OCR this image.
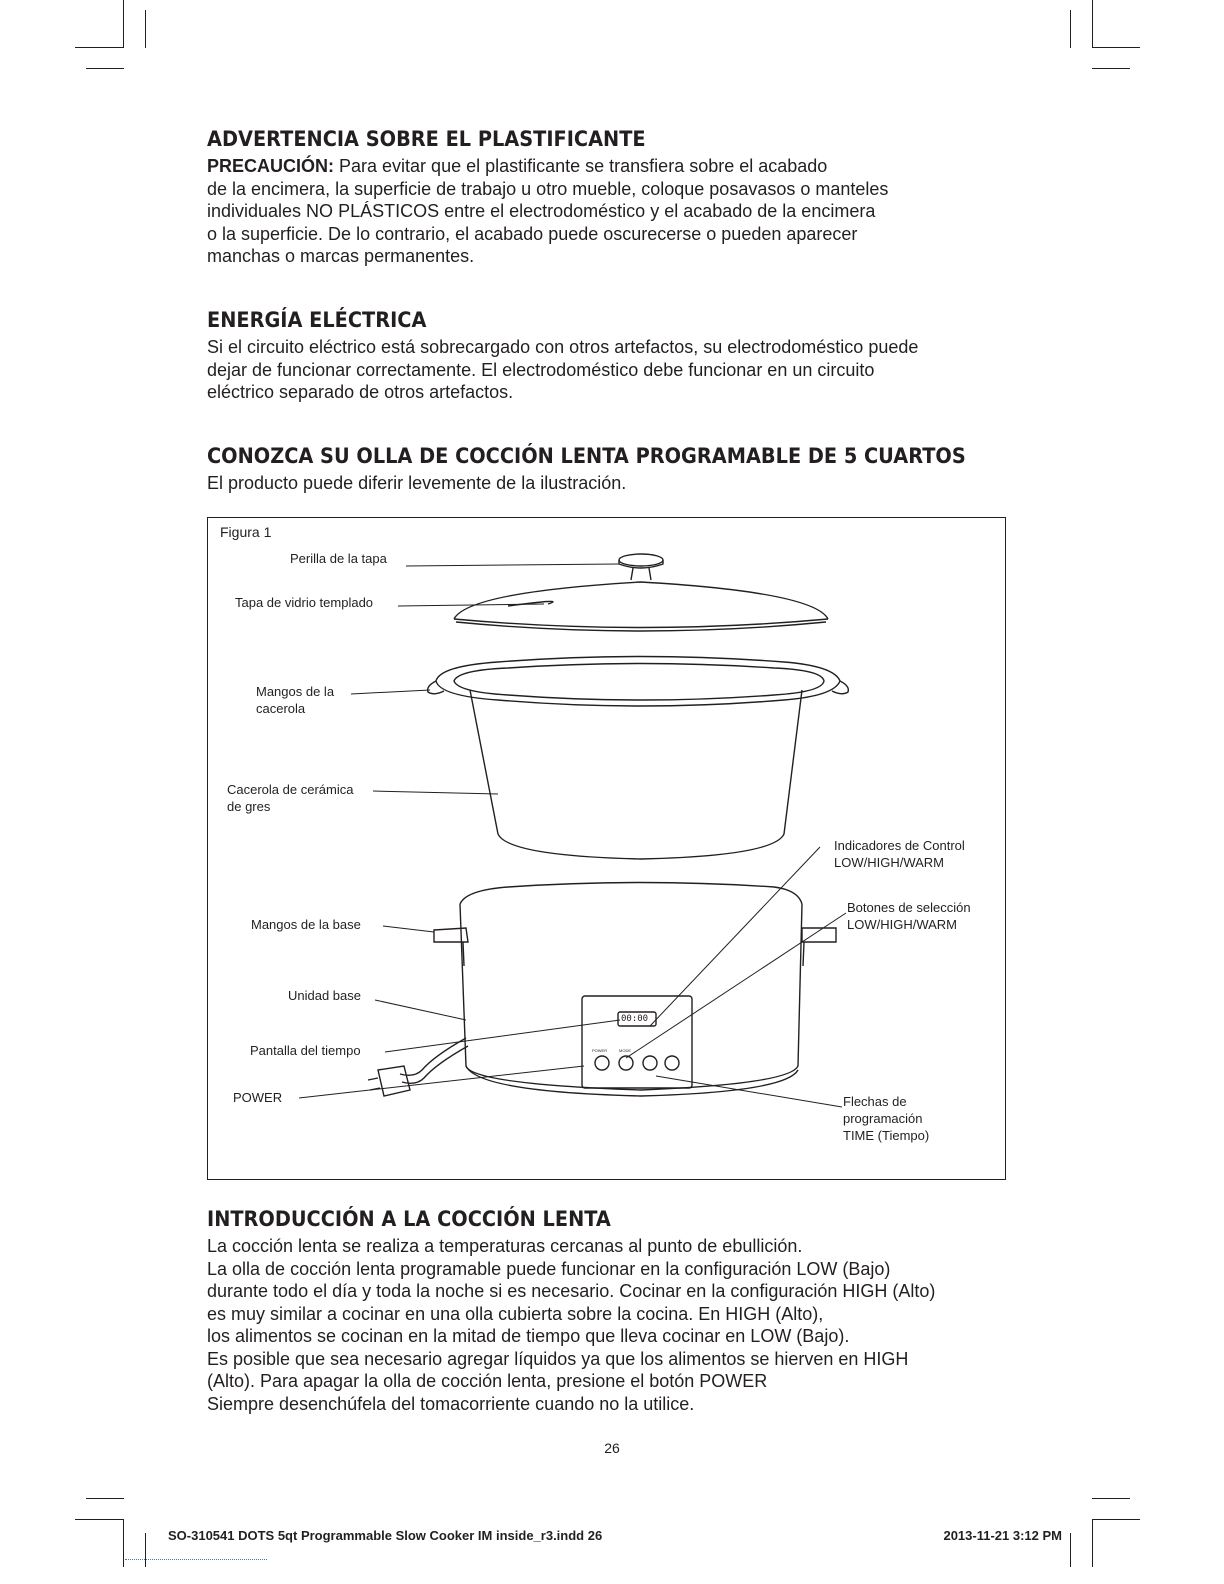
ADVERTENCIA SOBRE EL PLASTIFICANTE

PRECAUCIÓN: Para evitar que el plastificante se transfiera sobre el acabado
de la encimera, la superficie de trabajo u otro mueble, coloque posavasos o manteles
individuales NO PLÁSTICOS entre el electrodoméstico y el acabado de la encimera
o la superficie. De lo contrario, el acabado puede oscurecerse o pueden aparecer
manchas o marcas permanentes.

ENERGÍA ELÉCTRICA

Si el circuito eléctrico está sobrecargado con otros artefactos, su electrodoméstico puede
dejar de funcionar correctamente. El electrodoméstico debe funcionar en un circuito
eléctrico separado de otros artefactos.

CONOZCA SU OLLA DE COCCIÓN LENTA PROGRAMABLE DE 5 CUARTOS

El producto puede diferir levemente de la ilustración.

Figura 1
Perilla de la tapa
Tapa de vidrio templado
Mangos de la
cacerola
Cacerola de cerámica
de gres
Mangos de la base
Unidad base
Pantalla del tiempo
POWER
Indicadores de Control
LOW/HIGH/WARM
Botones de selección
LOW/HIGH/WARM
Flechas de
programación
TIME (Tiempo)
00:00
POWER	MODE
INTRODUCCIÓN A LA COCCIÓN LENTA

La cocción lenta se realiza a temperaturas cercanas al punto de ebullición.
La olla de cocción lenta programable puede funcionar en la configuración LOW (Bajo)
durante todo el día y toda la noche si es necesario. Cocinar en la configuración HIGH (Alto)
es muy similar a cocinar en una olla cubierta sobre la cocina. En HIGH (Alto),
los alimentos se cocinan en la mitad de tiempo que lleva cocinar en LOW (Bajo).
Es posible que sea necesario agregar líquidos ya que los alimentos se hierven en HIGH
(Alto). Para apagar la olla de cocción lenta, presione el botón POWER
Siempre desenchúfela del tomacorriente cuando no la utilice.

26
SO-310541 DOTS 5qt Programmable Slow Cooker IM inside_r3.indd 26	2013-11-21 3:12 PM
